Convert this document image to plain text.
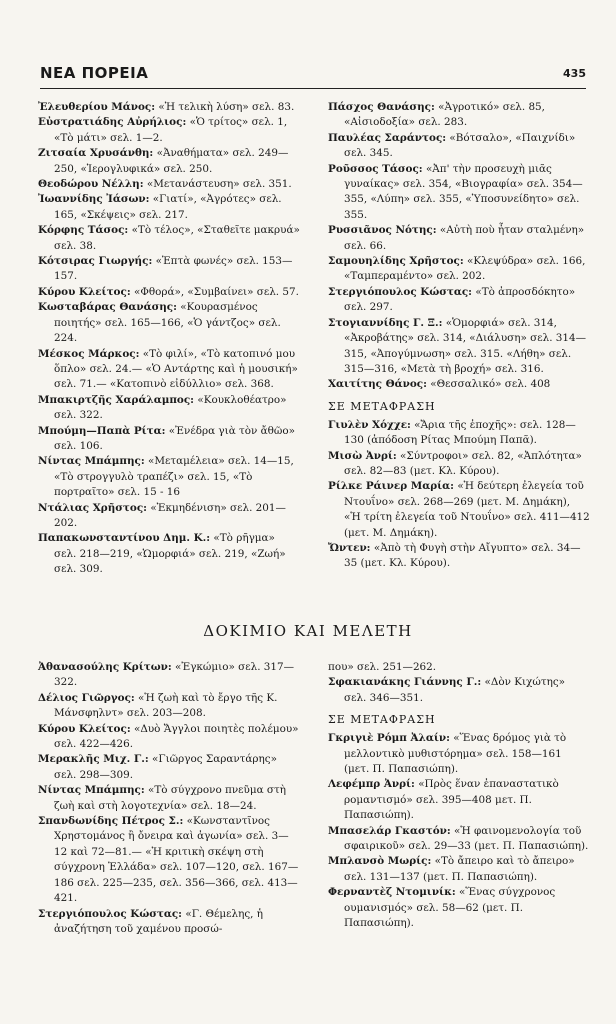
ΝΕΑ ΠΟΡΕΙΑ	435

Ἐλευθερίου Μάνος: «Ἡ τελικὴ λύση» σελ. 83.

Εὐστρατιάδης Αὐρήλιος: «Ὁ τρίτος» σελ. 1, «Τὸ μάτι» σελ. 1—2.

Ζιτσαία Χρυσάνθη: «Ἀναθήματα» σελ. 249—250, «Ἱερογλυφικά» σελ. 250.

Θεοδώρου Νέλλη: «Μετανάστευση» σελ. 351.

Ἰωαννίδης Ἰάσων: «Γιατί», «Ἀγρότες» σελ. 165, «Σκέψεις» σελ. 217.

Κόρφης Τάσος: «Τὸ τέλος», «Σταθεῖτε μακρυά» σελ. 38.

Κότσιρας Γιωργής: «Ἑπτὰ φωνές» σελ. 153—157.

Κύρου Κλείτος: «Φθορά», «Συμβαίνει» σελ. 57.

Κωσταβάρας Θανάσης: «Κουρασμένος ποιητής» σελ. 165—166, «Ὁ γάντζος» σελ. 224.

Μέσκος Μάρκος: «Τὸ φιλί», «Τὸ κατοπινό μου ὅπλο» σελ. 24.— «Ὁ Αντάρτης καὶ ἡ μουσική» σελ. 71.— «Κατοπινὸ εἰδύλλιο» σελ. 368.

Μπακιρτζῆς Χαράλαμπος: «Κουκλοθέατρο» σελ. 322.

Μπούμη—Παπὰ Ρίτα: «Ἐνέδρα γιὰ τὸν ἄθῶο» σελ. 106.

Νίντας Μπάμπης: «Μεταμέλεια» σελ. 14—15, «Τὸ στρογγυλὸ τραπέζι» σελ. 15, «Τὸ πορτραῖτο» σελ. 15 - 16

Ντάλιας Χρῆστος: «Ἐκμηδένιση» σελ. 201—202.

Παπακωνσταντίνου Δημ. Κ.: «Τὸ ρῆγμα» σελ. 218—219, «Ὡμορφιά» σελ. 219, «Ζωή» σελ. 309.

Πάσχος Θανάσης: «Ἀγροτικό» σελ. 85, «Αἰσιοδοξία» σελ. 283.

Παυλέας Σαράντος: «Βότσαλο», «Παιχνίδι» σελ. 345.

Ροῦσσος Τάσος: «Ἀπ' τὴν προσευχὴ μιᾶς γυναίκας» σελ. 354, «Βιογραφία» σελ. 354—355, «Λύπη» σελ. 355, «Ὑποσυνείδητο» σελ. 355.

Ρυσσιᾶνος Νότης: «Αὐτὴ ποὺ ἦταν σταλμένη» σελ. 66.

Σαμουηλίδης Χρῆστος: «Κλεψύδρα» σελ. 166, «Ταμπεραμέντο» σελ. 202.

Στεργιόπουλος Κώστας: «Τὸ ἀπροσδόκητο» σελ. 297.

Στογιαννίδης Γ. Ξ.: «Ὁμορφιά» σελ. 314, «Ἀκροβάτης» σελ. 314, «Διάλυση» σελ. 314—315, «Ἀπογύμνωση» σελ. 315. «Λήθη» σελ. 315—316, «Μετὰ τὴ βροχή» σελ. 316.

Χαιτίτης Θάνος: «Θεσσαλικό» σελ. 408

ΣΕ ΜΕΤΑΦΡΑΣΗ

Γιυλὲν Χόχχε: «Ἄρια τῆς ἐποχῆς»: σελ. 128—130 (ἀπόδοση Ρίτας Μπούμη Παπᾶ).

Μισὼ Ἀνρί: «Σύντροφοι» σελ. 82, «Ἀπλότητα» σελ. 82—83 (μετ. Κλ. Κύρου).

Ρίλκε Ράινερ Μαρία: «Ἡ δεύτερη ἐλεγεία τοῦ Ντουΐνο» σελ. 268—269 (μετ. Μ. Δημάκη), «Ἡ τρίτη ἐλεγεία τοῦ Ντουΐνο» σελ. 411—412 (μετ. Μ. Δημάκη).

Ὤντεν: «Ἀπὸ τὴ Φυγὴ στὴν Αἴγυπτο» σελ. 34—35 (μετ. Κλ. Κύρου).

ΔΟΚΙΜΙΟ ΚΑΙ ΜΕΛΕΤΗ

Ἀθανασούλης Κρίτων: «Ἐγκώμιο» σελ. 317—322.

Δέλιος Γιῶργος: «Ἡ ζωὴ καὶ τὸ ἔργο τῆς Κ. Μάνσφηλντ» σελ. 203—208.

Κύρου Κλείτος: «Δυὸ Ἄγγλοι ποιητὲς πολέμου» σελ. 422—426.

Μερακλῆς Μιχ. Γ.: «Γιῶργος Σαραντάρης» σελ. 298—309.

Νίντας Μπάμπης: «Τὸ σύγχρονο πνεῦμα στὴ ζωὴ καὶ στὴ λογοτεχνία» σελ. 18—24.

Σπανδωνίδης Πέτρος Σ.: «Κωνσταντῖνος Χρηστομάνος ἢ ὄνειρα καὶ ἀγωνία» σελ. 3—12 καὶ 72—81.— «Ἡ κριτικὴ σκέψη στὴ σύγχρονη Ἑλλάδα» σελ. 107—120, σελ. 167—186 σελ. 225—235, σελ. 356—366, σελ. 413—421.

Στεργιόπουλος Κώστας: «Γ. Θέμελης, ἡ ἀναζήτηση τοῦ χαμένου προσώ-

που» σελ. 251—262.

Σφακιανάκης Γιάννης Γ.: «Δὸν Κιχώτης» σελ. 346—351.

ΣΕ ΜΕΤΑΦΡΑΣΗ

Γκριγιὲ Ρόμπ Ἀλαίν: «Ἕνας δρόμος γιὰ τὸ μελλοντικὸ μυθιστόρημα» σελ. 158—161 (μετ. Π. Παπασιώπη).

Λεφέμπρ Ἀνρί: «Πρὸς ἕναν ἐπαναστατικὸ ρομαντισμό» σελ. 395—408 μετ. Π. Παπασιώπη).

Μπασελάρ Γκαστόν: «Ἡ φαινομενολογία τοῦ σφαιρικοῦ» σελ. 29—33 (μετ. Π. Παπασιώπη).

Μπλανσὸ Μωρίς: «Τὸ ἄπειρο καὶ τὸ ἄπειρο» σελ. 131—137 (μετ. Π. Παπασιώπη).

Φερναντὲζ Ντομινίκ: «Ἕνας σύγχρονος ουμανισμός» σελ. 58—62 (μετ. Π. Παπασιώπη).
